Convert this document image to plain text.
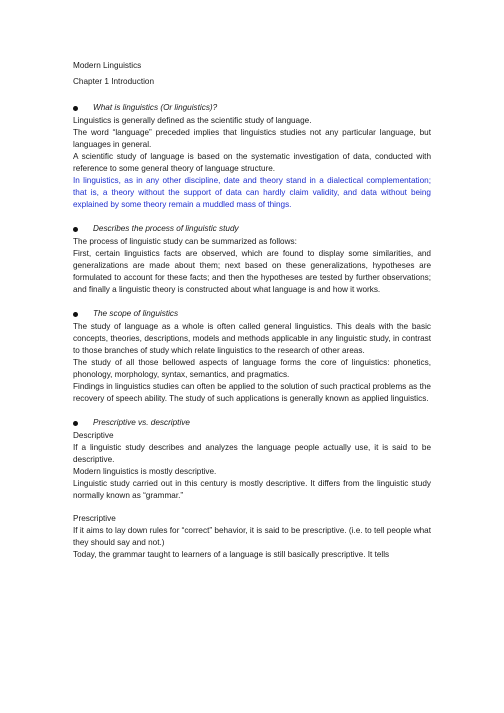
Modern Linguistics

Chapter 1 Introduction

What is linguistics (Or linguistics)?

Linguistics is generally defined as the scientific study of language.

The word “language” preceded implies that linguistics studies not any particular language, but languages in general.

A scientific study of language is based on the systematic investigation of data, conducted with reference to some general theory of language structure.

In linguistics, as in any other discipline, date and theory stand in a dialectical complementation; that is, a theory without the support of data can hardly claim validity, and data without being explained by some theory remain a muddled mass of things.

Describes the process of linguistic study

The process of linguistic study can be summarized as follows:

First, certain linguistics facts are observed, which are found to display some similarities, and generalizations are made about them; next based on these generalizations, hypotheses are formulated to account for these facts; and then the hypotheses are tested by further observations; and finally a linguistic theory is constructed about what language is and how it works.

The scope of linguistics

The study of language as a whole is often called general linguistics. This deals with the basic concepts, theories, descriptions, models and methods applicable in any linguistic study, in contrast to those branches of study which relate linguistics to the research of other areas.

The study of all those bellowed aspects of language forms the core of linguistics: phonetics, phonology, morphology, syntax, semantics, and pragmatics.

Findings in linguistics studies can often be applied to the solution of such practical problems as the recovery of speech ability. The study of such applications is generally known as applied linguistics.

Prescriptive vs. descriptive

Descriptive

If a linguistic study describes and analyzes the language people actually use, it is said to be descriptive.

Modern linguistics is mostly descriptive.

Linguistic study carried out in this century is mostly descriptive. It differs from the linguistic study normally known as “grammar.”

Prescriptive

If it aims to lay down rules for “correct” behavior, it is said to be prescriptive. (i.e. to tell people what they should say and not.)

Today, the grammar taught to learners of a language is still basically prescriptive. It tells
